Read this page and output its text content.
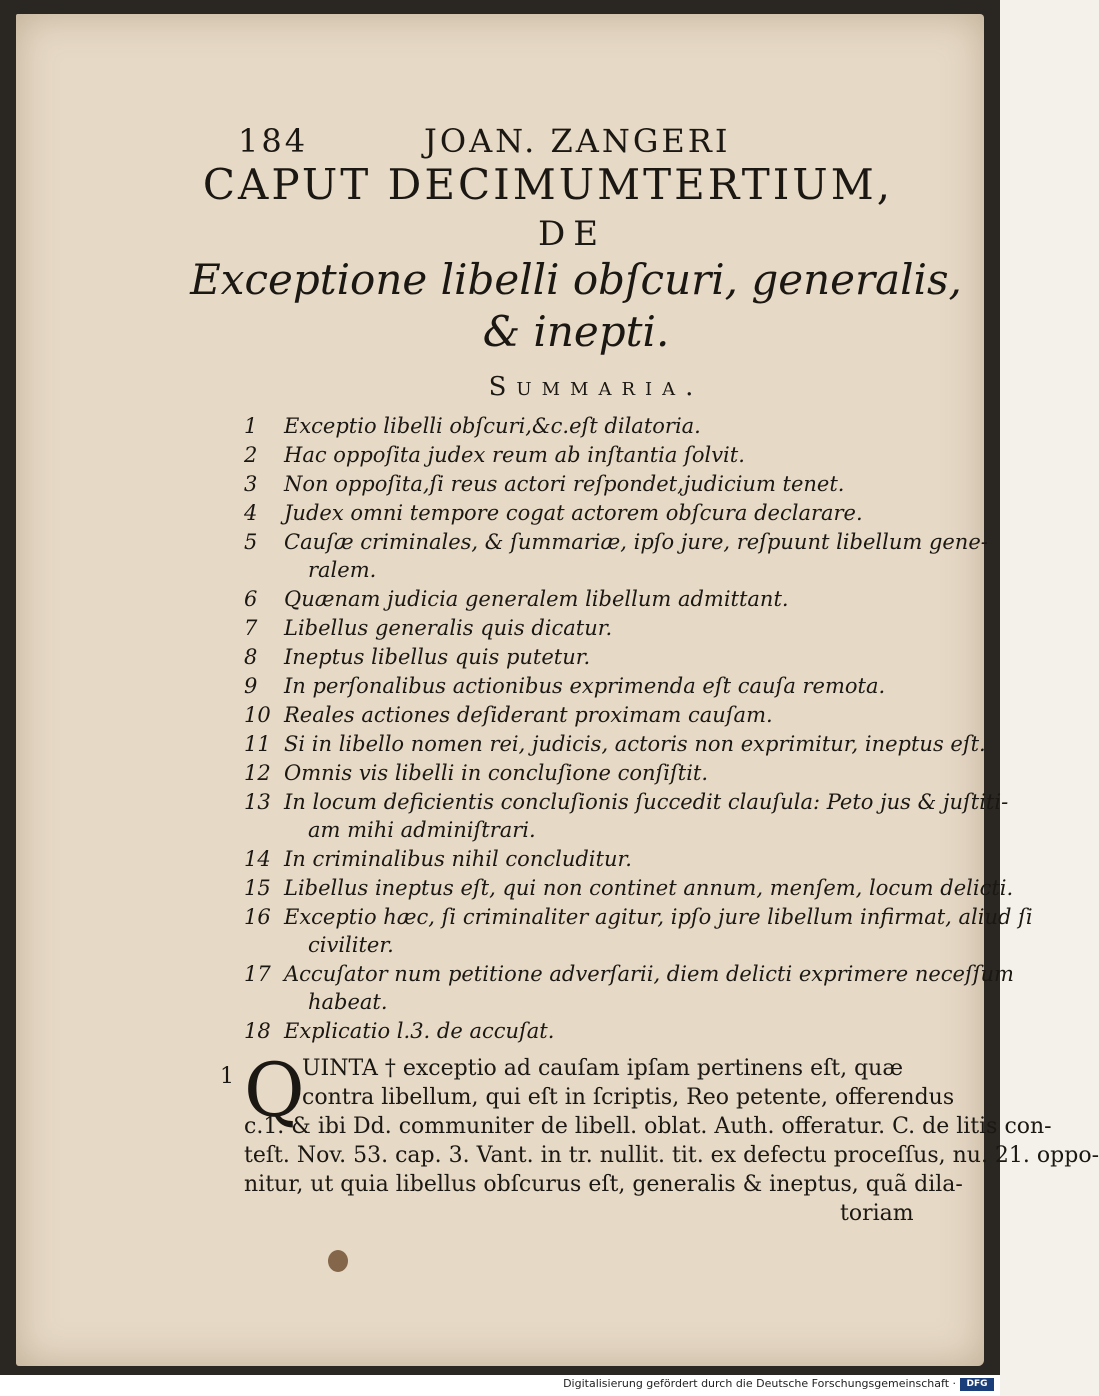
184	JOAN. ZANGERI
CAPUT DECIMUMTERTIUM,
DE
Exceptione libelli obſcuri, generalis,
& inepti.
Summaria.
1	Exceptio libelli obſcuri,&c.eſt dilatoria.
2	Hac oppoſita judex reum ab inſtantia ſolvit.
3	Non oppoſita,ſi reus actori reſpondet,judicium tenet.
4	Judex omni tempore cogat actorem obſcura declarare.
5	Cauſæ criminales, & ſummariæ, ipſo jure, reſpuunt libellum gene-
ralem.
6	Quænam judicia generalem libellum admittant.
7	Libellus generalis quis dicatur.
8	Ineptus libellus quis putetur.
9	In perſonalibus actionibus exprimenda eſt cauſa remota.
10 Reales actiones deſiderant proximam cauſam.
11 Si in libello nomen rei, judicis, actoris non exprimitur, ineptus eſt.
12 Omnis vis libelli in concluſione conſiſtit.
13 In locum deficientis concluſionis ſuccedit clauſula: Peto jus & juſtiti-
am mihi adminiſtrari.
14 In criminalibus nihil concluditur.
15 Libellus ineptus eſt, qui non continet annum, menſem, locum delicti.
16 Exceptio hæc, ſi criminaliter agitur, ipſo jure libellum infirmat, aliud ſi
civiliter.
17 Accuſator num petitione adverſarii, diem delicti exprimere neceſſum
habeat.
18 Explicatio l.3. de accuſat.
1 Q
UINTA † exceptio ad cauſam ipſam pertinens eſt, quæ
contra libellum, qui eſt in ſcriptis, Reo petente, offerendus
c.1. & ibi Dd. communiter de libell. oblat. Auth. offeratur. C. de litis con-
teſt. Nov. 53. cap. 3. Vant. in tr. nullit. tit. ex defectu proceſſus, nu. 21. oppo-
nitur, ut quia libellus obſcurus eſt, generalis & ineptus, quã dila-
toriam
Digitalisierung gefördert durch die Deutsche Forschungsgemeinschaft ·	DFG
